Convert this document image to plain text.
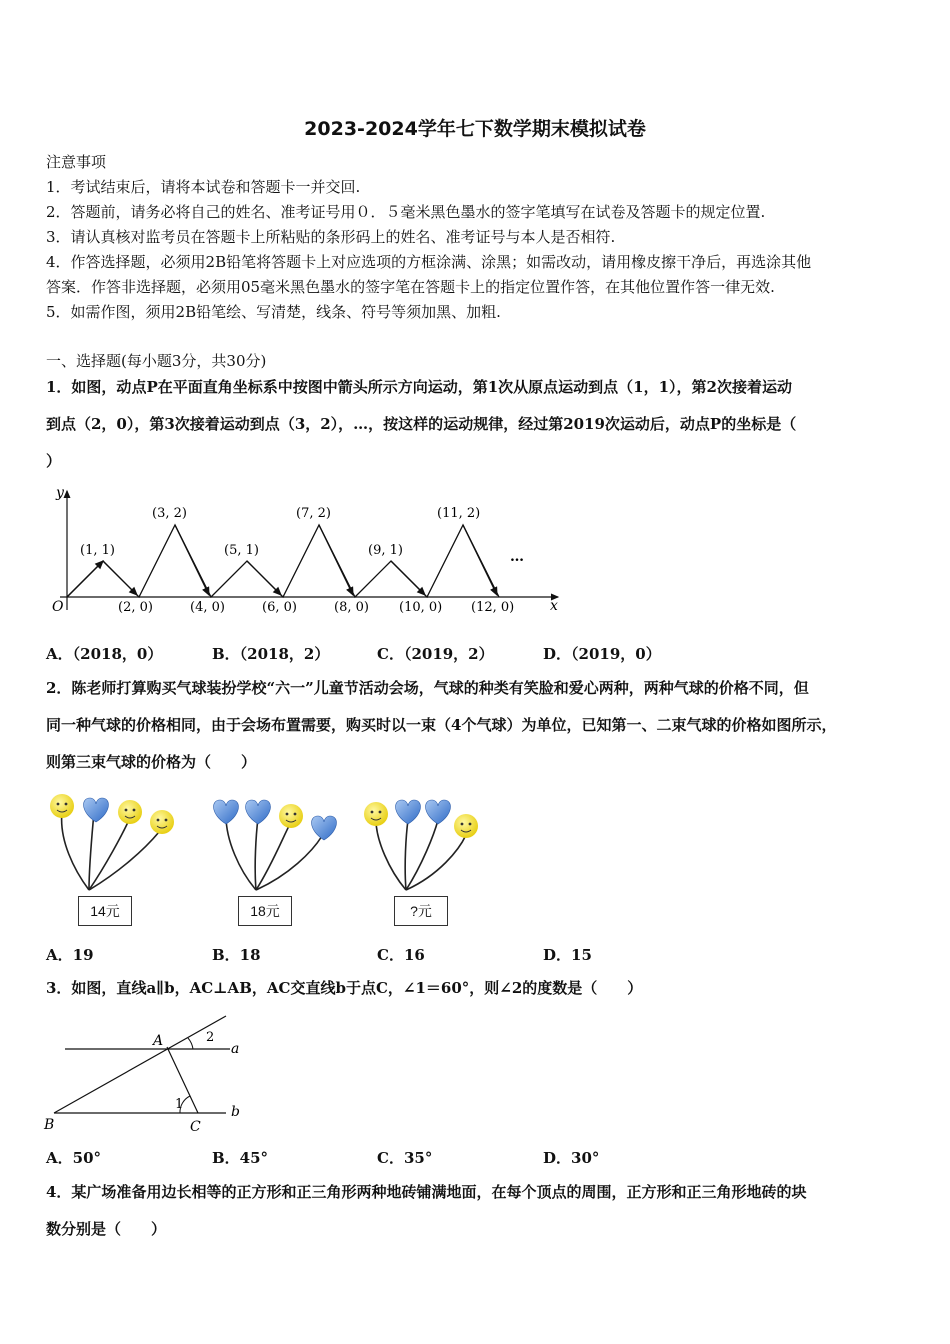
2023-2024学年七下数学期末模拟试卷
注意事项
1．考试结束后，请将本试卷和答题卡一并交回.
2．答题前，请务必将自己的姓名、准考证号用０．５毫米黑色墨水的签字笔填写在试卷及答题卡的规定位置.
3．请认真核对监考员在答题卡上所粘贴的条形码上的姓名、准考证号与本人是否相符.
4．作答选择题，必须用2B铅笔将答题卡上对应选项的方框涂满、涂黑；如需改动，请用橡皮擦干净后，再选涂其他
答案．作答非选择题，必须用05毫米黑色墨水的签字笔在答题卡上的指定位置作答，在其他位置作答一律无效.
5．如需作图，须用2B铅笔绘、写清楚，线条、符号等须加黑、加粗.
一、选择题(每小题3分，共30分)
1．如图，动点P在平面直角坐标系中按图中箭头所示方向运动，第1次从原点运动到点（1，1），第2次接着运动
到点（2，0），第3次接着运动到点（3，2），…，按这样的运动规律，经过第2019次运动后，动点P的坐标是（
）
x
y
O
(1, 1)
(3, 2)
(5, 1)
(7, 2)
(9, 1)
(11, 2)
(2, 0)	(4, 0)	(6, 0)	(8, 0) (10, 0) (12, 0)
…
A．（2018，0）	B．（2018，2）	C．（2019，2）	D．（2019，0）
2．陈老师打算购买气球装扮学校“六一”儿童节活动会场，气球的种类有笑脸和爱心两种，两种气球的价格不同，但
同一种气球的价格相同，由于会场布置需要，购买时以一束（4个气球）为单位，已知第一、二束气球的价格如图所示，
则第三束气球的价格为（　　）
14元	18元	?元
A．19	B．18	C．16	D．15
3．如图，直线a∥b，AC⊥AB，AC交直线b于点C，∠1＝60°，则∠2的度数是（　　）
A
B	C
a
b
1
2
A．50°	B．45°	C．35°	D．30°
4．某广场准备用边长相等的正方形和正三角形两种地砖铺满地面，在每个顶点的周围，正方形和正三角形地砖的块
数分别是（　　）
